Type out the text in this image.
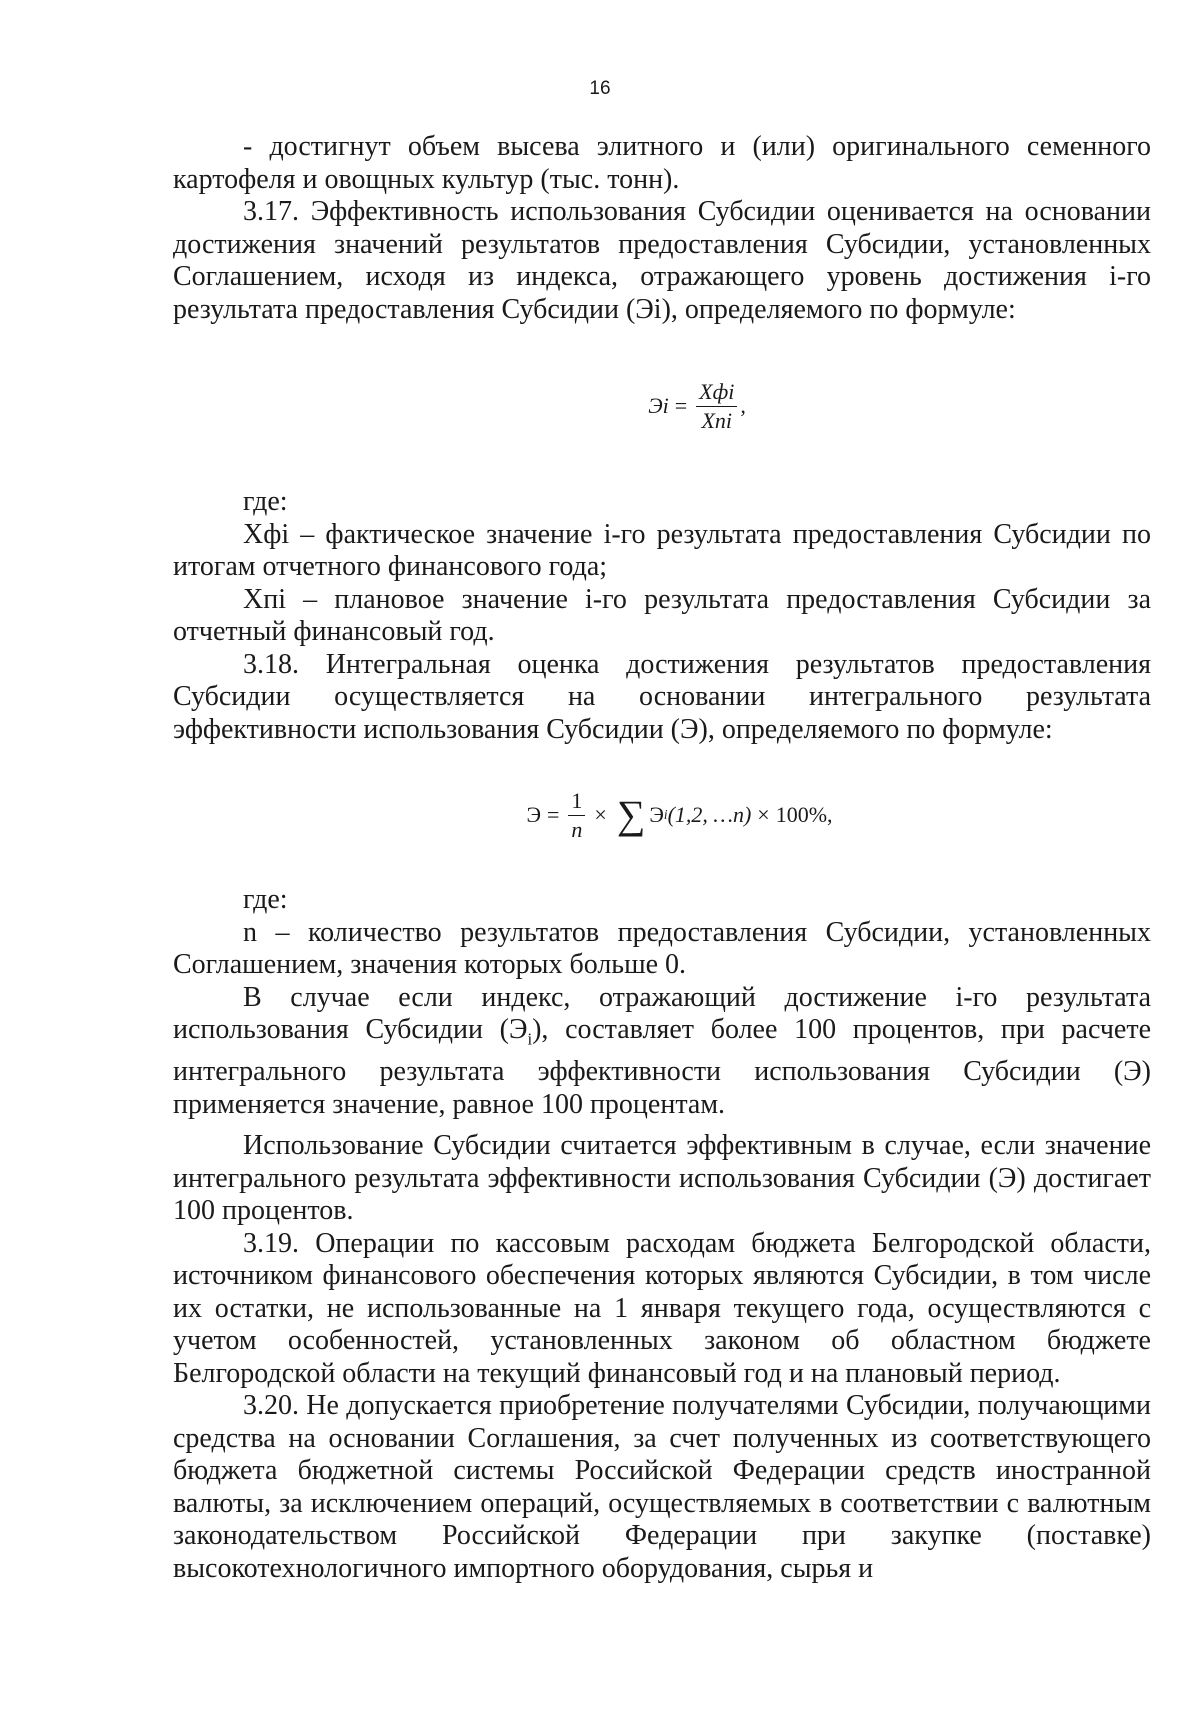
16

- достигнут объем высева элитного и (или) оригинального семенного картофеля и овощных культур (тыс. тонн).

3.17. Эффективность использования Субсидии оценивается на основании достижения значений результатов предоставления Субсидии, установленных Соглашением, исходя из индекса, отражающего уровень достижения i-го результата предоставления Субсидии (Эi), определяемого по формуле:

Эi = $\frac{\text{Хфi}}{\text{Хпi}}$ ,

где:

Хфi – фактическое значение i-го результата предоставления Субсидии по итогам отчетного финансового года;

Хпi – плановое значение i-го результата предоставления Субсидии за отчетный финансовый год.

3.18. Интегральная оценка достижения результатов предоставления Субсидии осуществляется на основании интегрального результата эффективности использования Субсидии (Э), определяемого по формуле:

$Э = \frac{1}{n}$ × ∑ Э i (1,2, …n) × 100%,

где:

n – количество результатов предоставления Субсидии, установленных Соглашением, значения которых больше 0.

В случае если индекс, отражающий достижение i-го результата использования Субсидии $(Э_i)$, составляет более 100 процентов, при расчете интегрального результата эффективности использования Субсидии (Э) применяется значение, равное 100 процентам.

Использование Субсидии считается эффективным в случае, если значение интегрального результата эффективности использования Субсидии (Э) достигает 100 процентов.

3.19. Операции по кассовым расходам бюджета Белгородской области, источником финансового обеспечения которых являются Субсидии, в том числе их остатки, не использованные на 1 января текущего года, осуществляются с учетом особенностей, установленных законом об областном бюджете Белгородской области на текущий финансовый год и на плановый период.

3.20. Не допускается приобретение получателями Субсидии, получающими средства на основании Соглашения, за счет полученных из соответствующего бюджета бюджетной системы Российской Федерации средств иностранной валюты, за исключением операций, осуществляемых в соответствии с валютным законодательством Российской Федерации при закупке (поставке) высокотехнологичного импортного оборудования, сырья и
